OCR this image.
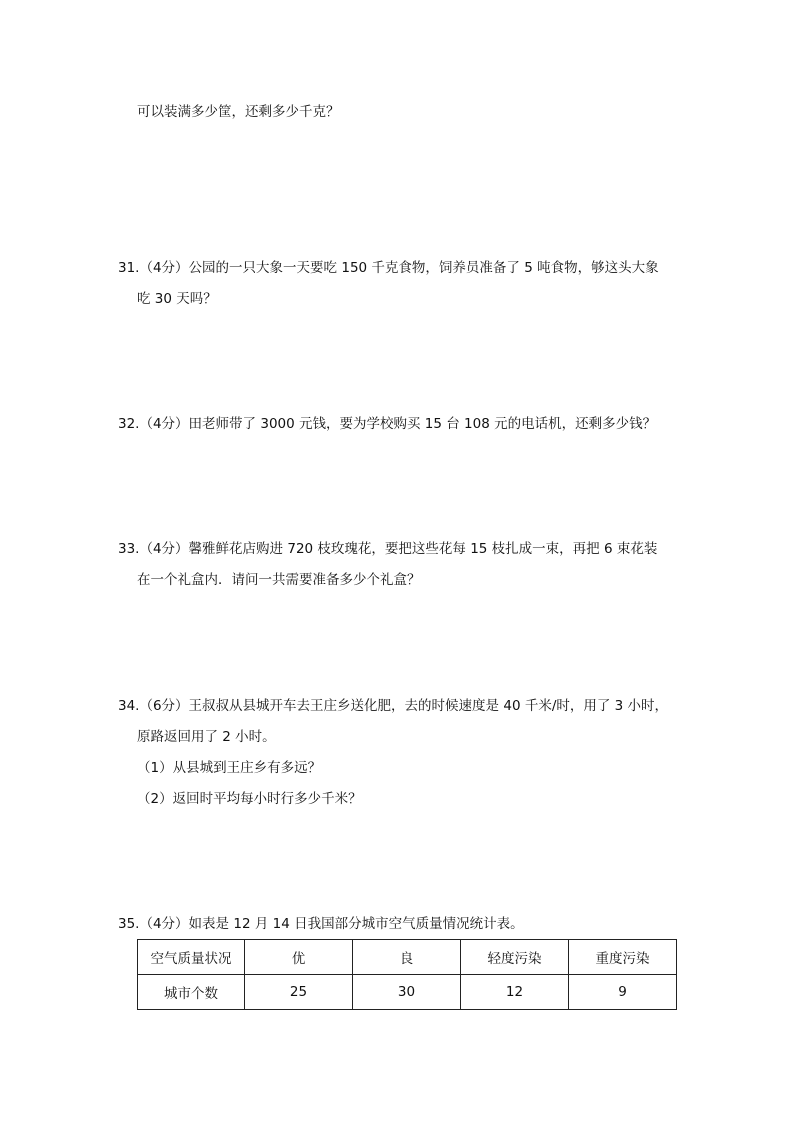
可以装满多少筐，还剩多少千克？
31.（4分）公园的一只大象一天要吃 150 千克食物，饲养员准备了 5 吨食物，够这头大象
吃 30 天吗？
32.（4分）田老师带了 3000 元钱，要为学校购买 15 台 108 元的电话机，还剩多少钱？
33.（4分）馨雅鲜花店购进 720 枝玫瑰花，要把这些花每 15 枝扎成一束，再把 6 束花装
在一个礼盒内．请问一共需要准备多少个礼盒？
34.（6分）王叔叔从县城开车去王庄乡送化肥，去的时候速度是 40 千米/时，用了 3 小时，
原路返回用了 2 小时。
（1）从县城到王庄乡有多远？
（2）返回时平均每小时行多少千米？
35.（4分）如表是 12 月 14 日我国部分城市空气质量情况统计表。
空气质量状况	优	良	轻度污染	重度污染
城市个数	25	30	12	9
